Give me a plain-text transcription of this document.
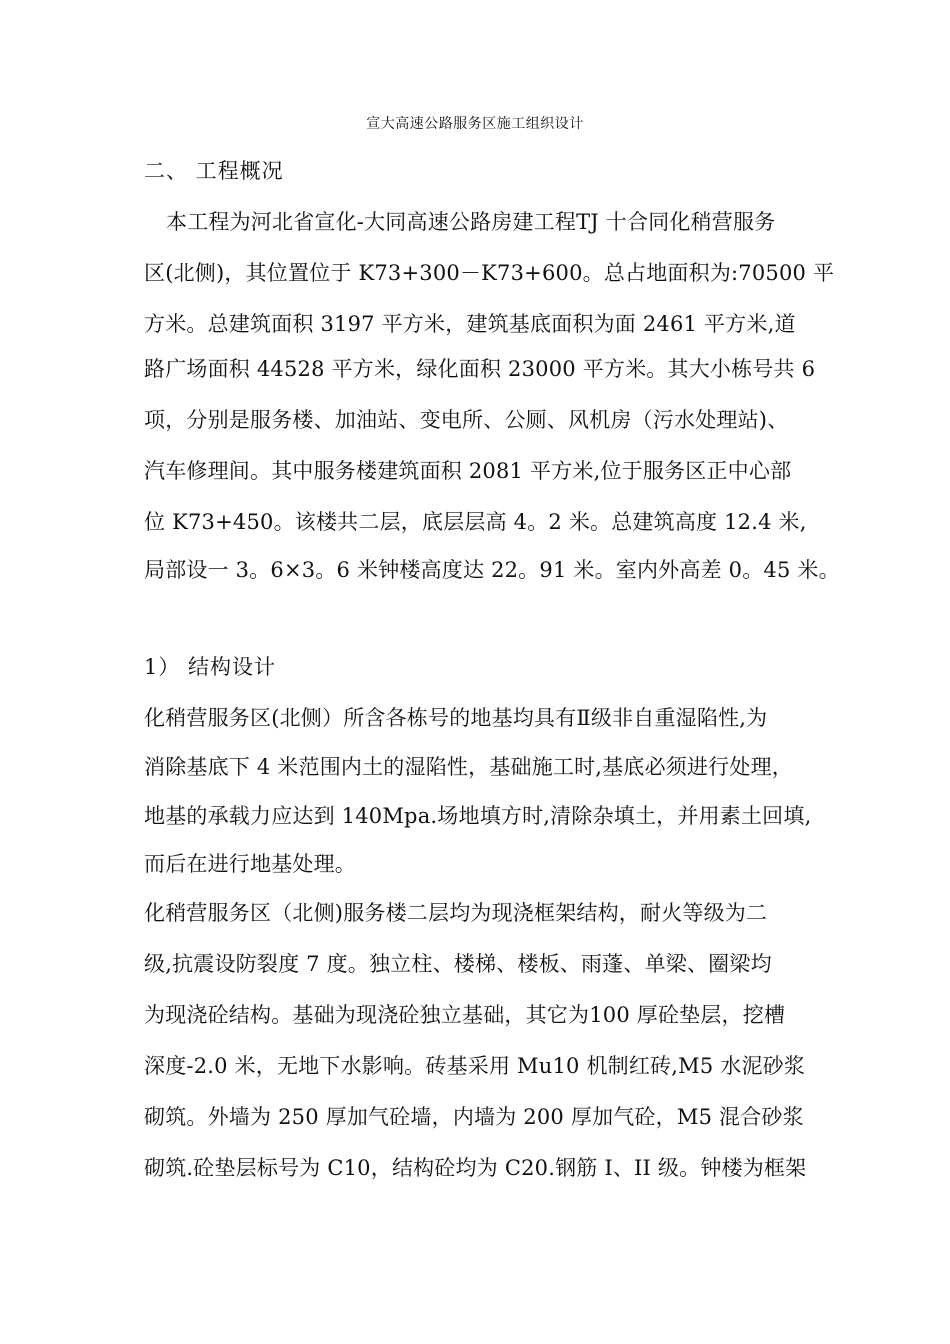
宣大高速公路服务区施工组织设计
二、 工程概况
本工程为河北省宣化-大同高速公路房建工程TJ 十合同化稍营服务
区(北侧)，其位置位于 K73+300－K73+600。总占地面积为:70500 平
方米。总建筑面积 3197 平方米，建筑基底面积为面 2461 平方米,道
路广场面积 44528 平方米，绿化面积 23000 平方米。其大小栋号共 6
项，分别是服务楼、加油站、变电所、公厕、风机房（污水处理站)、
汽车修理间。其中服务楼建筑面积 2081 平方米,位于服务区正中心部
位 K73+450。该楼共二层，底层层高 4。2 米。总建筑高度 12.4 米,
局部设一 3。6×3。6 米钟楼高度达 22。91 米。室内外高差 0。45 米。
1） 结构设计
化稍营服务区(北侧）所含各栋号的地基均具有Ⅱ级非自重湿陷性,为
消除基底下 4 米范围内土的湿陷性，基础施工时,基底必须进行处理，
地基的承载力应达到 140Mpa.场地填方时,清除杂填土，并用素土回填,
而后在进行地基处理。
化稍营服务区（北侧)服务楼二层均为现浇框架结构，耐火等级为二
级,抗震设防裂度 7 度。独立柱、楼梯、楼板、雨蓬、单梁、圈梁均
为现浇砼结构。基础为现浇砼独立基础，其它为100 厚砼垫层，挖槽
深度-2.0 米，无地下水影响。砖基采用 Mu10 机制红砖,M5 水泥砂浆
砌筑。外墙为 250 厚加气砼墙，内墙为 200 厚加气砼，M5 混合砂浆
砌筑.砼垫层标号为 C10，结构砼均为 C20.钢筋 I、II 级。钟楼为框架
